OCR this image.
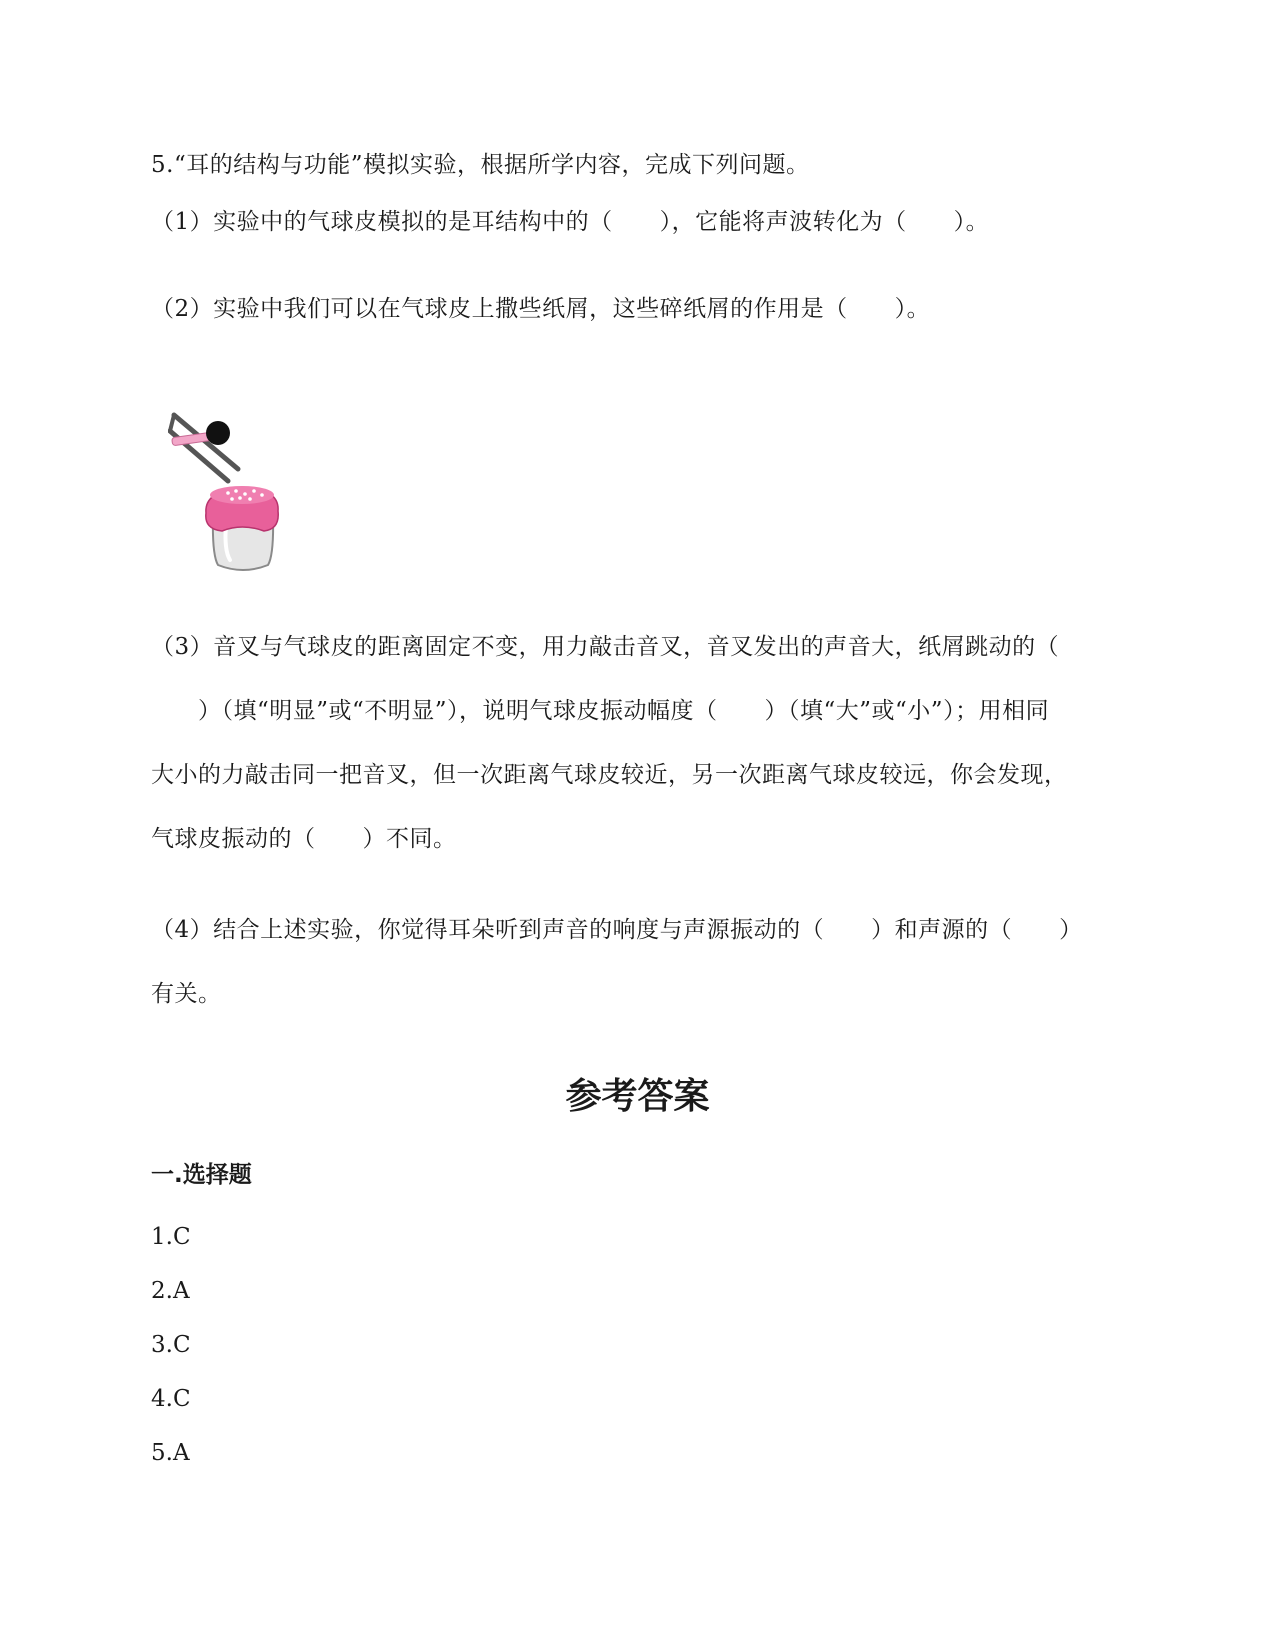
5.“耳的结构与功能”模拟实验，根据所学内容，完成下列问题。
（1）实验中的气球皮模拟的是耳结构中的（　　），它能将声波转化为（　　）。
（2）实验中我们可以在气球皮上撒些纸屑，这些碎纸屑的作用是（　　）。
（3）音叉与气球皮的距离固定不变，用力敲击音叉，音叉发出的声音大，纸屑跳动的（
　　）（填“明显”或“不明显”），说明气球皮振动幅度（　　）（填“大”或“小”）；用相同
大小的力敲击同一把音叉，但一次距离气球皮较近，另一次距离气球皮较远，你会发现，
气球皮振动的（　　）不同。
（4）结合上述实验，你觉得耳朵听到声音的响度与声源振动的（　　）和声源的（　　）
有关。
参考答案
一.选择题
1.C
2.A
3.C
4.C
5.A
